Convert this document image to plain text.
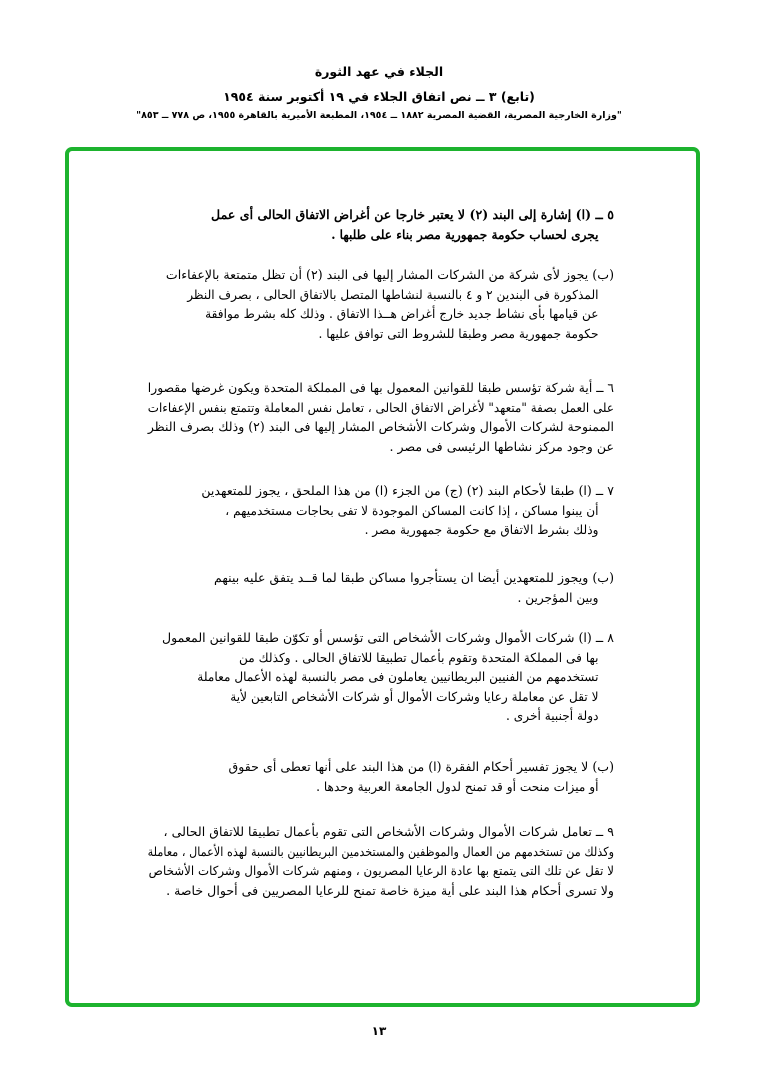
الجلاء في عهد الثورة
(تابع) ٣ ــ نص اتفاق الجلاء في ١٩ أكتوبر سنة ١٩٥٤
"وزارة الخارجية المصرية، القضية المصرية ١٨٨٢ ــ ١٩٥٤، المطبعة الأميرية بالقاهرة ١٩٥٥، ص ٧٧٨ ــ ٨٥٣"
٥ ــ (ا) إشارة إلى البند (٢) لا يعتبر خارجا عن أغراض الاتفاق الحالى أى عمل
يجرى لحساب حكومة جمهورية مصر بناء على طلبها .
(ب) يجوز لأى شركة من الشركات المشار إليها فى البند (٢) أن تظل متمتعة بالإعفاءات
المذكورة فى البندين ٢ و ٤ بالنسبة لنشاطها المتصل بالاتفاق الحالى ، بصرف النظر
عن قيامها بأى نشاط جديد خارج أغراض هــذا الاتفاق . وذلك كله بشرط موافقة
حكومة جمهورية مصر وطبقا للشروط التى توافق عليها .
٦ ــ أية شركة تؤسس طبقا للقوانين المعمول بها فى المملكة المتحدة ويكون غرضها مقصورا
على العمل بصفة "متعهد" لأغراض الاتفاق الحالى ، تعامل نفس المعاملة وتتمتع بنفس الإعفاءات
الممنوحة لشركات الأموال وشركات الأشخاص المشار إليها فى البند (٢) وذلك بصرف النظر
عن وجود مركز نشاطها الرئيسى فى مصر .
٧ ــ (ا) طبقا لأحكام البند (٢) (ج) من الجزء (ا) من هذا الملحق ، يجوز للمتعهدين
أن يبنوا مساكن ، إذا كانت المساكن الموجودة لا تفى بحاجات مستخدميهم ،
وذلك بشرط الاتفاق مع حكومة جمهورية مصر .
(ب) ويجوز للمتعهدين أيضا ان يستأجروا مساكن طبقا لما قــد يتفق عليه بينهم
وبين المؤجرين .
٨ ــ (ا) شركات الأموال وشركات الأشخاص التى تؤسس أو تكوّن طبقا للقوانين المعمول
بها فى المملكة المتحدة وتقوم بأعمال تطبيقا للاتفاق الحالى . وكذلك من
تستخدمهم من الفنيين البريطانيين يعاملون فى مصر بالنسبة لهذه الأعمال معاملة
لا تقل عن معاملة رعايا وشركات الأموال أو شركات الأشخاص التابعين لأية
دولة أجنبية أخرى .
(ب) لا يجوز تفسير أحكام الفقرة (ا) من هذا البند على أنها تعطى أى حقوق
أو ميزات منحت أو قد تمنح لدول الجامعة العربية وحدها .
٩ ــ تعامل شركات الأموال وشركات الأشخاص التى تقوم بأعمال تطبيقا للاتفاق الحالى ،
وكذلك من تستخدمهم من العمال والموظفين والمستخدمين البريطانيين بالنسبة لهذه الأعمال ، معاملة
لا تقل عن تلك التى يتمتع بها عادة الرعايا المصريون ، ومنهم شركات الأموال وشركات الأشخاص
ولا تسرى أحكام هذا البند على أية ميزة خاصة تمنح للرعايا المصريين فى أحوال خاصة .
١٣
